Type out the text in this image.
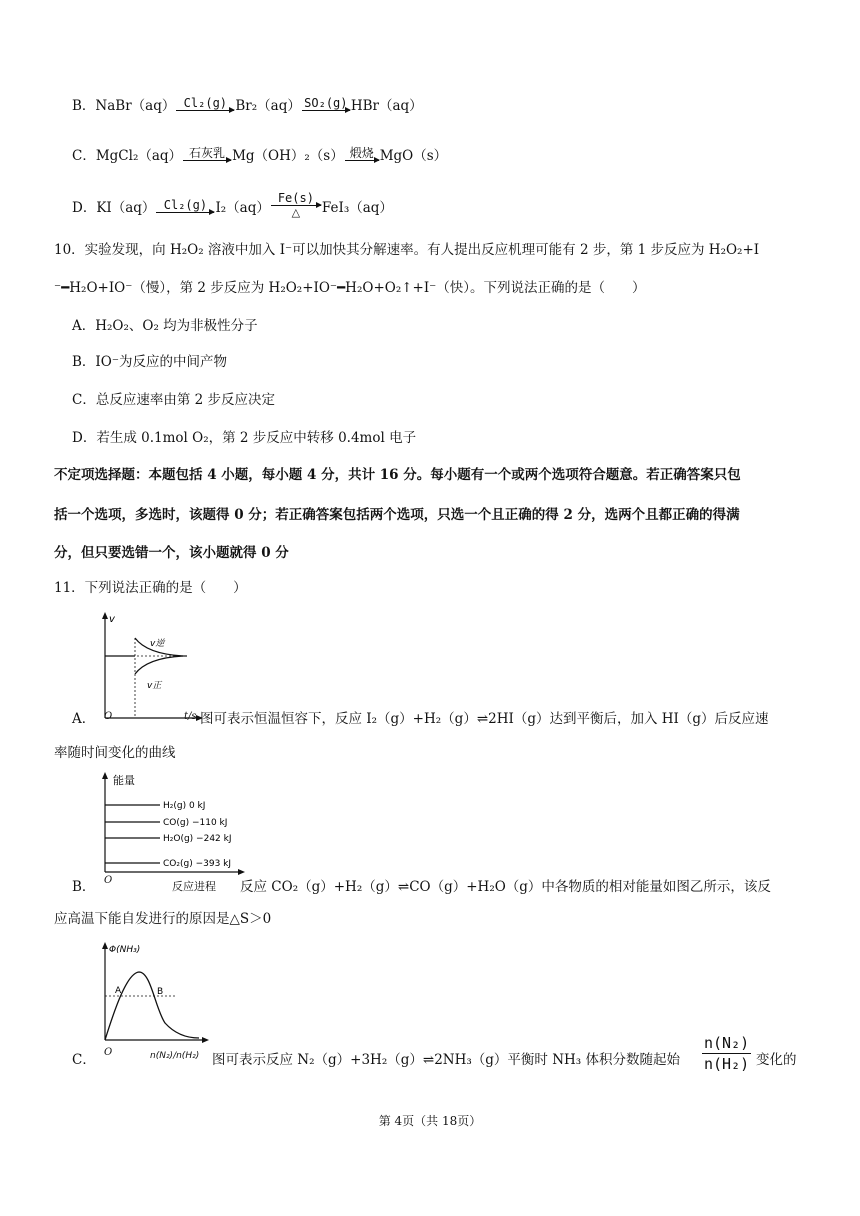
B．NaBr（aq） Cl₂(g) Br₂（aq） SO₂(g) HBr（aq）
C．MgCl₂（aq） 石灰乳 Mg（OH）₂（s） 煅烧 MgO（s）
D．KI（aq） Cl₂(g) I₂（aq）
Fe(s)
△	FeI₃（aq）
10．实验发现，向 H₂O₂ 溶液中加入 I⁻可以加快其分解速率。有人提出反应机理可能有 2 步，第 1 步反应为 H₂O₂+I
⁻━H₂O+IO⁻（慢），第 2 步反应为 H₂O₂+IO⁻━H₂O+O₂↑+I⁻（快）。下列说法正确的是（　　）
A．H₂O₂、O₂ 均为非极性分子
B．IO⁻为反应的中间产物
C．总反应速率由第 2 步反应决定
D．若生成 0.1mol O₂，第 2 步反应中转移 0.4mol 电子
不定项选择题：本题包括 4 小题，每小题 4 分，共计 16 分。每小题有一个或两个选项符合题意。若正确答案只包
括一个选项，多选时，该题得 0 分；若正确答案包括两个选项，只选一个且正确的得 2 分，选两个且都正确的得满
分，但只要选错一个，该小题就得 0 分
11．下列说法正确的是（　　）
v
v逆
v正
A． O	t/s 图可表示恒温恒容下，反应 I₂（g）+H₂（g）⇌2HI（g）达到平衡后，加入 HI（g）后反应速
率随时间变化的曲线
能量
H₂(g) 0 kJ
CO(g) −110 kJ
H₂O(g) −242 kJ
CO₂(g) −393 kJ
B． O	反应进程 反应 CO₂（g）+H₂（g）⇌CO（g）+H₂O（g）中各物质的相对能量如图乙所示，该反
应高温下能自发进行的原因是△S＞0
Φ(NH₃)
A	B
C． O	n(N₂)/n(H₂) 图可表示反应 N₂（g）+3H₂（g）⇌2NH₃（g）平衡时 NH₃ 体积分数随起始 $\frac{\text{n(N₂)}}{\text{n(H₂)}}$ 变化的
第 4页（共 18页）
